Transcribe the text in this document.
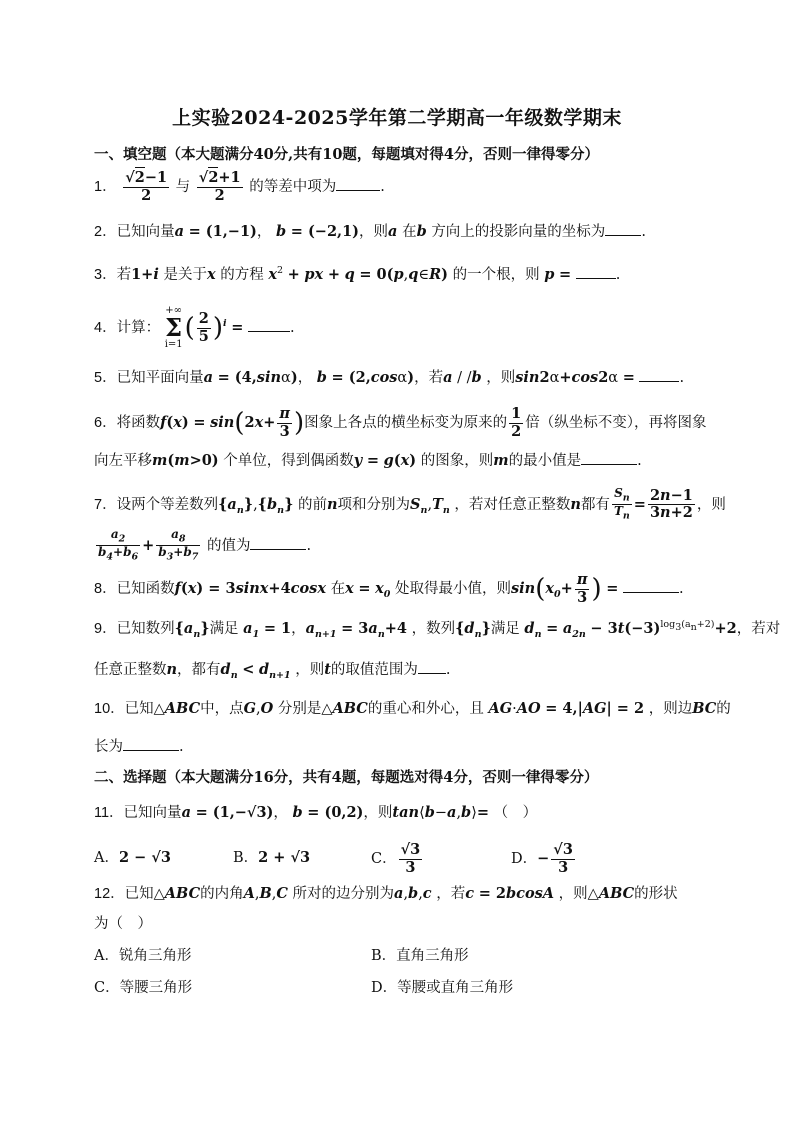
上实验2024-2025学年第二学期高一年级数学期末
一、填空题（本大题满分40分,共有10题，每题填对得4分，否则一律得零分）
1． $\frac{√2-1}{2}$ 与 $\frac{√2+1}{2}$ 的等差中项为	.
2．已知向量a = (1,−1)， b = (−2,1)，则a 在b 方向上的投影向量的坐标为 .
3．若1+i 是关于x 的方程 $x^2$ + px + q = 0(p,q∈R) 的一个根，则 p =	.
4．计算： +∞
Σ
$i=1( \frac{2}{5} )^i$ =	.
5．已知平面向量a = (4,sinα)， b = (2,cosα)，若a / /b ，则sin2α+cos2α =	.
6．将函数$f(x) = \sin(2x+ \frac{\pi}{3}$ )图象上各点的横坐标变为原来的 $\frac{1}{2}$ 倍（纵坐标不变），再将图象
向左平移m(m>0) 个单位，得到偶函数y = g(x) 的图象，则m的最小值是	.
7．设两个等差数列$\{a_n\},\{b_n\}$ 的前n项和分别为$S_n,T_n$ ，若对任意正整数n都有 $\frac{S_n}{T_n} = \frac{2n-1}{3n+2}$ ，则
$\frac{a_2}{b_4+b_6} + \frac{a_8}{b_3+b_7}$ 的值为	.
8．已知函数f(x) = 3sinx+4cosx 在$x = x_0$ 处取得最小值，则$\sin(x_0+ \frac{\pi}{3}$ ) =	.
9．已知数列$\{a_n\}$满足 $a_1 = 1$，$a_{n+1} = 3a_n+4$ ，数列$\{d_n\}$满足 $d_n = a_{2n} - 3t(-3)^{log_3(a_n+2)}+2$，若对
任意正整数n，都有$d_n < d_{n+1}$ ，则t的取值范围为 .
10．已知△ABC中，点G,O 分别是△ABC的重心和外心，且 AG·AO = 4,|AG| = 2 ，则边BC的
长为	.
二、选择题（本大题满分16分，共有4题，每题选对得4分，否则一律得零分）
11．已知向量a = (1,−√3)， b = (0,2)，则tan⟨b−a,b⟩= （　）
A．2 − √3	B．2 + √3	C． $\frac{√3}{3}$	D．− $\frac{√3}{3}$
12．已知△ABC的内角A,B,C 所对的边分别为a,b,c ，若c = 2bcosA ，则△ABC的形状
为（　）
A．锐角三角形	B．直角三角形
C．等腰三角形	D．等腰或直角三角形
